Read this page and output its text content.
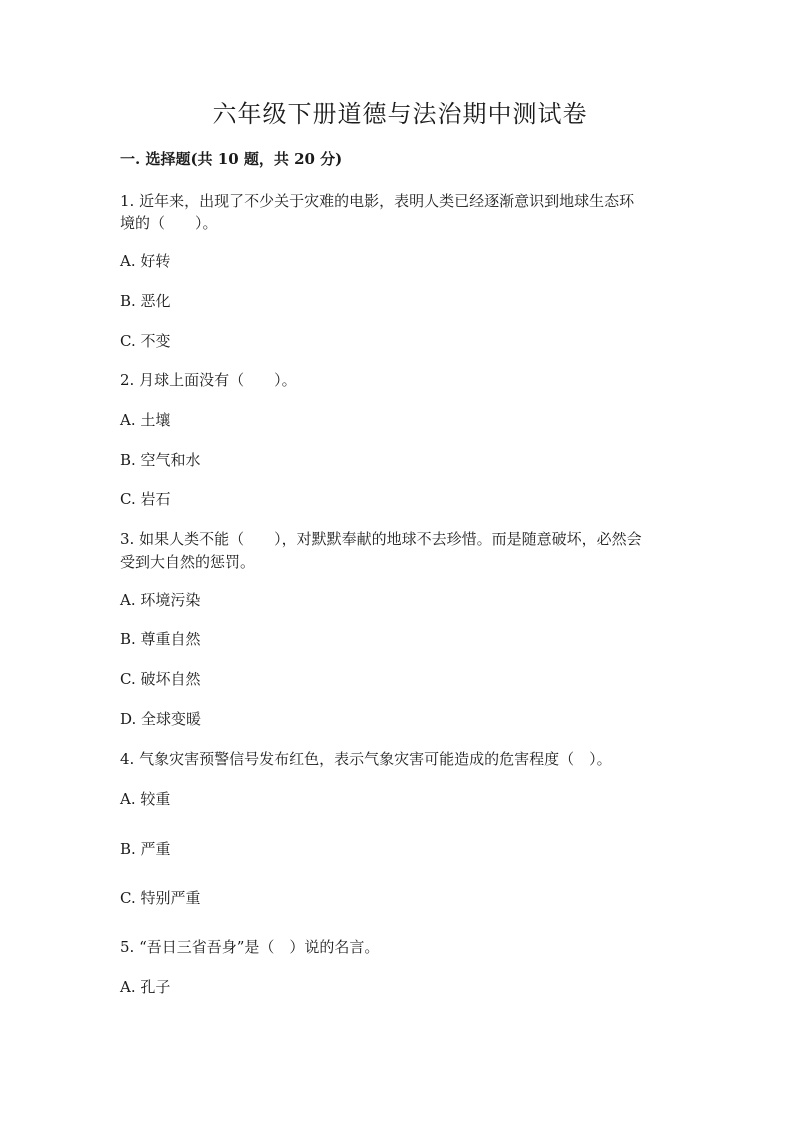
六年级下册道德与法治期中测试卷
一. 选择题(共 10 题，共 20 分)
1. 近年来，出现了不少关于灾难的电影，表明人类已经逐渐意识到地球生态环
境的（　　）。
A. 好转
B. 恶化
C. 不变
2. 月球上面没有（　　）。
A. 土壤
B. 空气和水
C. 岩石
3. 如果人类不能（　　），对默默奉献的地球不去珍惜。而是随意破坏，必然会
受到大自然的惩罚。
A. 环境污染
B. 尊重自然
C. 破坏自然
D. 全球变暖
4. 气象灾害预警信号发布红色，表示气象灾害可能造成的危害程度（　）。
A. 较重
B. 严重
C. 特别严重
5. “吾日三省吾身”是（　）说的名言。
A. 孔子
